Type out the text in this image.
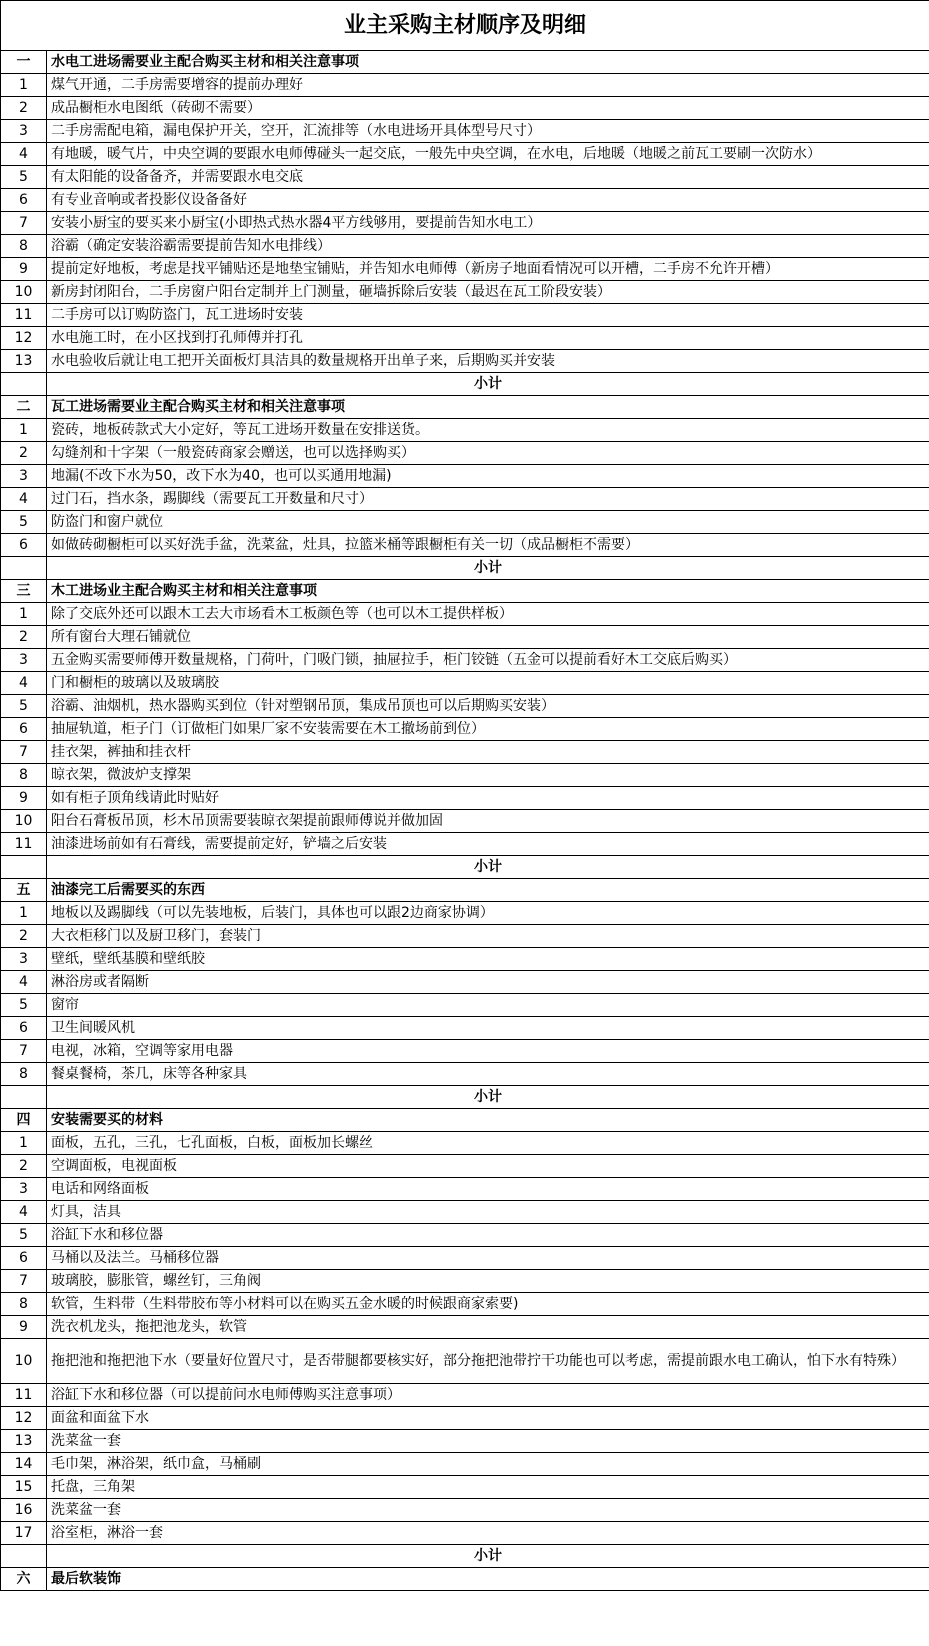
业主采购主材顺序及明细	
一	水电工进场需要业主配合购买主材和相关注意事项
1	煤气开通，二手房需要增容的提前办理好
2	成品橱柜水电图纸（砖砌不需要）
3	二手房需配电箱，漏电保护开关，空开，汇流排等（水电进场开具体型号尺寸）
4	有地暖，暖气片，中央空调的要跟水电师傅碰头一起交底，一般先中央空调，在水电，后地暖（地暖之前瓦工要刷一次防水）
5	有太阳能的设备备齐，并需要跟水电交底
6	有专业音响或者投影仪设备备好
7	安装小厨宝的要买来小厨宝(小即热式热水器4平方线够用，要提前告知水电工）
8	浴霸（确定安装浴霸需要提前告知水电排线）
9	提前定好地板，考虑是找平铺贴还是地垫宝铺贴，并告知水电师傅（新房子地面看情况可以开槽，二手房不允许开槽）
10	新房封闭阳台，二手房窗户阳台定制并上门测量，砸墙拆除后安装（最迟在瓦工阶段安装）
11	二手房可以订购防盗门，瓦工进场时安装
12	水电施工时，在小区找到打孔师傅并打孔
13	水电验收后就让电工把开关面板灯具洁具的数量规格开出单子来，后期购买并安装
	小计
二	瓦工进场需要业主配合购买主材和相关注意事项
1	瓷砖，地板砖款式大小定好，等瓦工进场开数量在安排送货。
2	勾缝剂和十字架（一般瓷砖商家会赠送，也可以选择购买）
3	地漏(不改下水为50，改下水为40，也可以买通用地漏)
4	过门石，挡水条，踢脚线（需要瓦工开数量和尺寸）
5	防盗门和窗户就位
6	如做砖砌橱柜可以买好洗手盆，洗菜盆，灶具，拉篮米桶等跟橱柜有关一切（成品橱柜不需要）
	小计
三	木工进场业主配合购买主材和相关注意事项
1	除了交底外还可以跟木工去大市场看木工板颜色等（也可以木工提供样板）
2	所有窗台大理石铺就位
3	五金购买需要师傅开数量规格，门荷叶，门吸门锁，抽屉拉手，柜门铰链（五金可以提前看好木工交底后购买）
4	门和橱柜的玻璃以及玻璃胶
5	浴霸、油烟机，热水器购买到位（针对塑钢吊顶，集成吊顶也可以后期购买安装）
6	抽屉轨道，柜子门（订做柜门如果厂家不安装需要在木工撤场前到位）
7	挂衣架，裤抽和挂衣杆
8	晾衣架，微波炉支撑架
9	如有柜子顶角线请此时贴好
10	阳台石膏板吊顶，杉木吊顶需要装晾衣架提前跟师傅说并做加固
11	油漆进场前如有石膏线，需要提前定好，铲墙之后安装
	小计
五	油漆完工后需要买的东西
1	地板以及踢脚线（可以先装地板，后装门，具体也可以跟2边商家协调）
2	大衣柜移门以及厨卫移门，套装门
3	壁纸，壁纸基膜和壁纸胶
4	淋浴房或者隔断
5	窗帘
6	卫生间暖风机
7	电视，冰箱，空调等家用电器
8	餐桌餐椅，茶几，床等各种家具
	小计
四	安装需要买的材料
1	面板，五孔，三孔，七孔面板，白板，面板加长螺丝
2	空调面板，电视面板
3	电话和网络面板
4	灯具，洁具
5	浴缸下水和移位器
6	马桶以及法兰。马桶移位器
7	玻璃胶，膨胀管，螺丝钉，三角阀
8	软管，生料带（生料带胶布等小材料可以在购买五金水暖的时候跟商家索要)
9	洗衣机龙头，拖把池龙头，软管
10	拖把池和拖把池下水（要量好位置尺寸，是否带腿都要核实好，部分拖把池带拧干功能也可以考虑，需提前跟水电工确认，怕下水有特殊）
11	浴缸下水和移位器（可以提前问水电师傅购买注意事项）
12	面盆和面盆下水
13	洗菜盆一套
14	毛巾架，淋浴架，纸巾盒，马桶刷
15	托盘，三角架
16	洗菜盆一套
17	浴室柜，淋浴一套
	小计
六	最后软装饰
